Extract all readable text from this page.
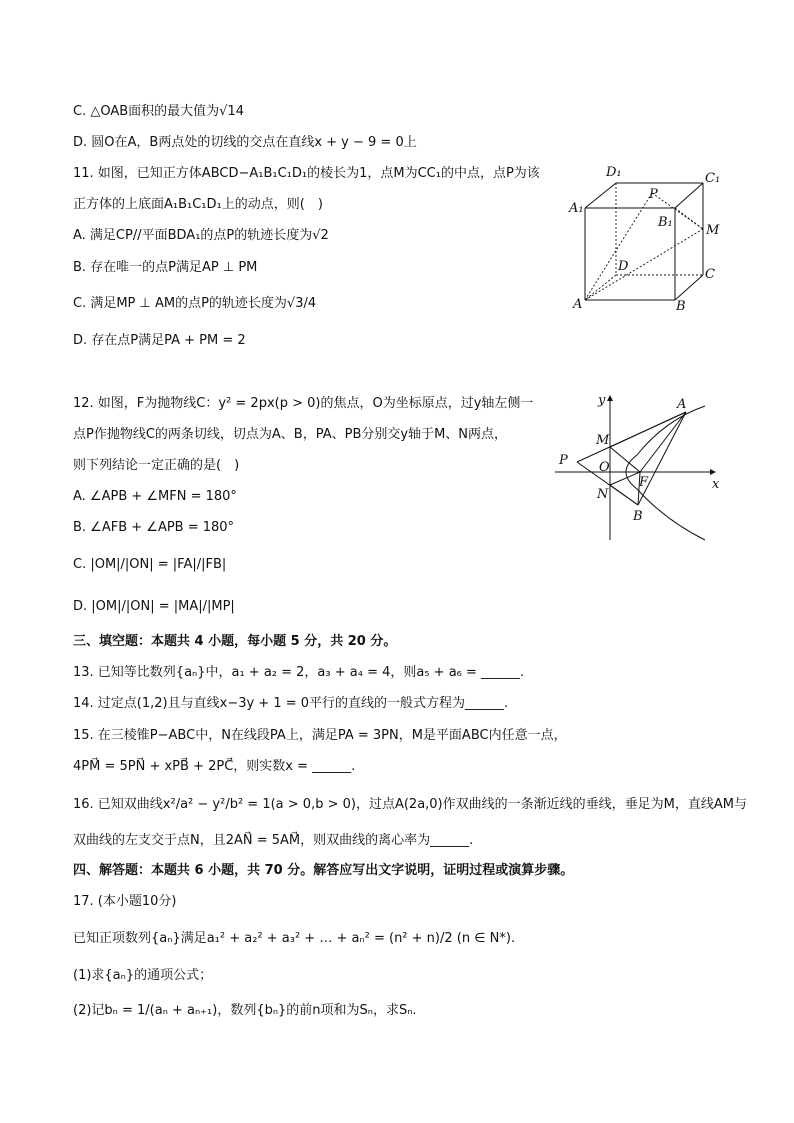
C. △OAB面积的最大值为√14
D. 圆O在A，B两点处的切线的交点在直线x + y − 9 = 0上
11. 如图，已知正方体ABCD−A₁B₁C₁D₁的棱长为1，点M为CC₁的中点，点P为该
正方体的上底面A₁B₁C₁D₁上的动点，则(　)
A. 满足CP//平面BDA₁的点P的轨迹长度为√2
B. 存在唯一的点P满足AP ⊥ PM
C. 满足MP ⊥ AM的点P的轨迹长度为√3/4
D. 存在点P满足PA + PM = 2
D₁	C₁
A₁
P
B₁
M
D
C
A	B
12. 如图，F为抛物线C：y² = 2px(p > 0)的焦点，O为坐标原点，过y轴左侧一
点P作抛物线C的两条切线，切点为A、B，PA、PB分别交y轴于M、N两点，
则下列结论一定正确的是(　)
A. ∠APB + ∠MFN = 180°
B. ∠AFB + ∠APB = 180°
C. |OM|/|ON| = |FA|/|FB|
D. |OM|/|ON| = |MA|/|MP|
y	A
M
P O
N
F	x
B
三、填空题：本题共 4 小题，每小题 5 分，共 20 分。
13. 已知等比数列{aₙ}中，a₁ + a₂ = 2，a₃ + a₄ = 4，则a₅ + a₆ = ______.
14. 过定点(1,2)且与直线x−3y + 1 = 0平行的直线的一般式方程为______.
15. 在三棱锥P−ABC中，N在线段PA上，满足PA = 3PN，M是平面ABC内任意一点，
4PM⃗ = 5PN⃗ + xPB⃗ + 2PC⃗，则实数x = ______.
16. 已知双曲线x²/a² − y²/b² = 1(a > 0,b > 0)，过点A(2a,0)作双曲线的一条渐近线的垂线，垂足为M，直线AM与
双曲线的左支交于点N，且2AN⃗ = 5AM⃗，则双曲线的离心率为______.
四、解答题：本题共 6 小题，共 70 分。解答应写出文字说明，证明过程或演算步骤。
17. (本小题10分)
已知正项数列{aₙ}满足a₁² + a₂² + a₃² + … + aₙ² = (n² + n)/2 (n ∈ N*).
(1)求{aₙ}的通项公式；
(2)记bₙ = 1/(aₙ + aₙ₊₁)，数列{bₙ}的前n项和为Sₙ，求Sₙ.
